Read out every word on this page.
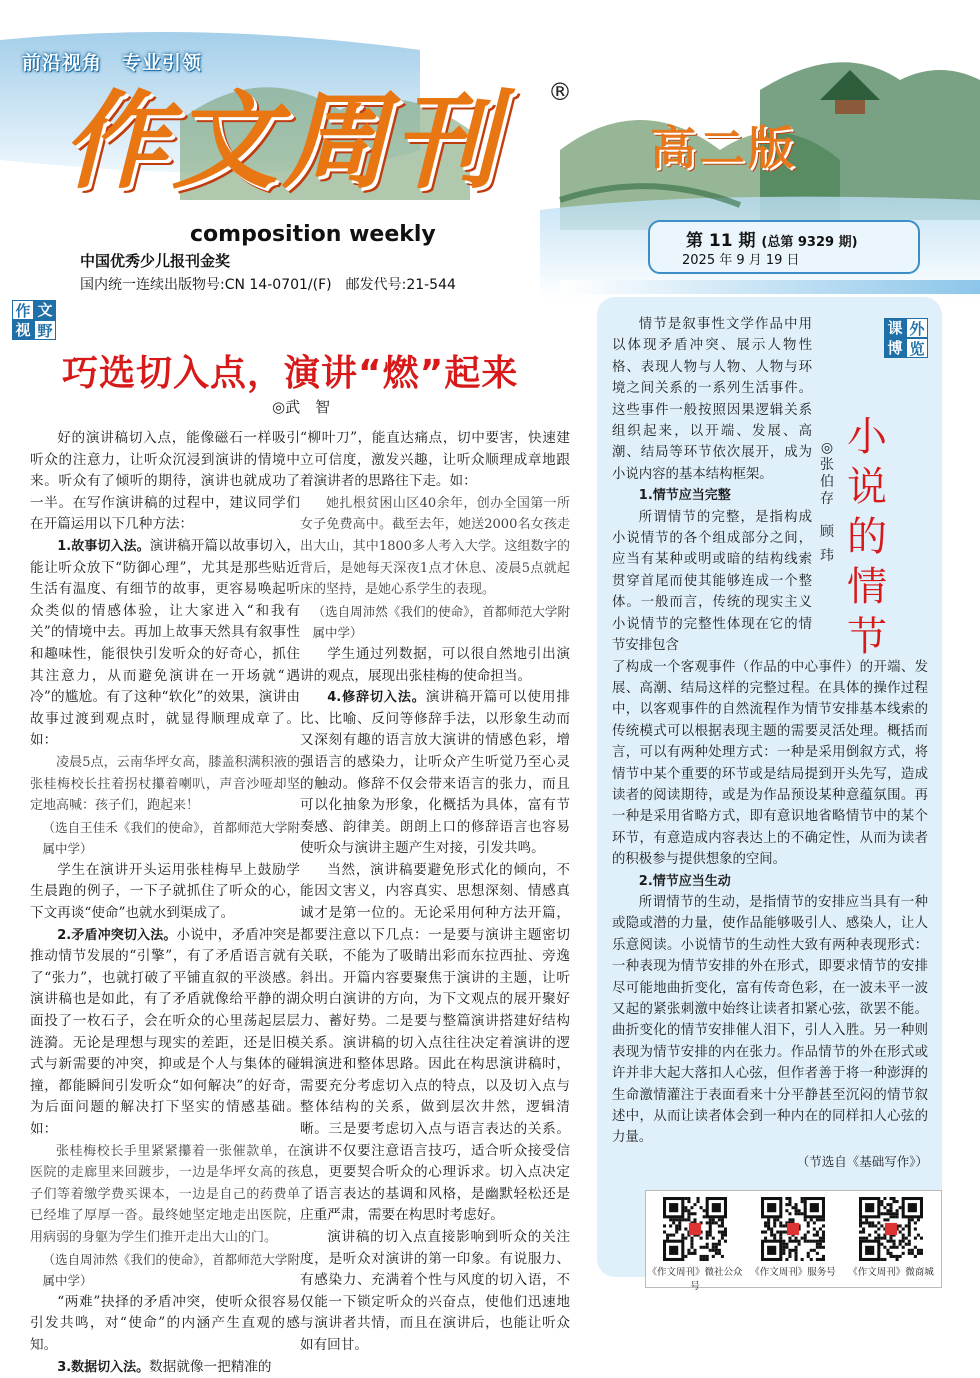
前沿视角　专业引领
作文周刊 ®
composition weekly
中国优秀少儿报刊金奖
国内统一连续出版物号:CN 14-0701/(F)　邮发代号:21-544
高二版
第 11 期 (总第 9329 期)
2025 年 9 月 19 日
作 文
视 野
巧选切入点，演讲“燃”起来
◎武　智

好的演讲稿切入点，能像磁石一样吸引听众的注意力，让听众沉浸到演讲的情境中来。听众有了倾听的期待，演讲也就成功了一半。在写作演讲稿的过程中，建议同学们在开篇运用以下几种方法：

1.故事切入法。演讲稿开篇以故事切入，能让听众放下“防御心理”，尤其是那些贴近生活有温度、有细节的故事，更容易唤起听众类似的情感体验，让大家进入“和我有关”的情境中去。再加上故事天然具有叙事性和趣味性，能很快引发听众的好奇心，抓住其注意力，从而避免演讲在一开场就“遇冷”的尴尬。有了这种“软化”的效果，演讲由故事过渡到观点时，就显得顺理成章了。如：

凌晨5点，云南华坪女高，膝盖积满积液的张桂梅校长拄着拐杖攥着喇叭，声音沙哑却坚定地高喊：孩子们，跑起来！

（选自王佳禾《我们的使命》，首都师范大学附属中学）

学生在演讲开头运用张桂梅早上鼓励学生晨跑的例子，一下子就抓住了听众的心，下文再谈“使命”也就水到渠成了。

2.矛盾冲突切入法。小说中，矛盾冲突是推动情节发展的“引擎”，有了矛盾语言就有了“张力”，也就打破了平铺直叙的平淡感。演讲稿也是如此，有了矛盾就像给平静的湖面投了一枚石子，会在听众的心里荡起层层涟漪。无论是理想与现实的差距，还是旧模式与新需要的冲突，抑或是个人与集体的碰撞，都能瞬间引发听众“如何解决”的好奇，为后面问题的解决打下坚实的情感基础。如：

张桂梅校长手里紧紧攥着一张催款单，在医院的走廊里来回踱步，一边是华坪女高的孩子们等着缴学费买课本，一边是自己的药费单已经堆了厚厚一沓。最终她坚定地走出医院，用病弱的身躯为学生们推开走出大山的门。

（选自周沛然《我们的使命》，首都师范大学附属中学）

“两难”抉择的矛盾冲突，使听众很容易引发共鸣，对“使命”的内涵产生直观的感知。

3.数据切入法。数据就像一把精准的

“柳叶刀”，能直达痛点，切中要害，快速建立可信度，激发兴趣，让听众顺理成章地跟着演讲者的思路往下走。如：

她扎根贫困山区40余年，创办全国第一所女子免费高中。截至去年，她送2000名女孩走出大山，其中1800多人考入大学。这组数字的背后，是她每天深夜1点才休息、凌晨5点就起床的坚持，是她心系学生的表现。

（选自周沛然《我们的使命》，首都师范大学附属中学）

学生通过列数据，可以很自然地引出演讲的观点，展现出张桂梅的使命担当。

4.修辞切入法。演讲稿开篇可以使用排比、比喻、反问等修辞手法，以形象生动而又深刻有趣的语言放大演讲的情感色彩，增强语言的感染力，让听众产生听觉乃至心灵的触动。修辞不仅会带来语言的张力，而且可以化抽象为形象，化概括为具体，富有节奏感、韵律美。朗朗上口的修辞语言也容易使听众与演讲主题产生对接，引发共鸣。

当然，演讲稿要避免形式化的倾向，不能因文害义，内容真实、思想深刻、情感真诚才是第一位的。无论采用何种方法开篇，都要注意以下几点：一是要与演讲主题密切关联，不能为了吸睛出彩而东拉西扯、旁逸斜出。开篇内容要聚焦于演讲的主题，让听众明白演讲的方向，为下文观点的展开聚好力、蓄好势。二是要与整篇演讲搭建好结构关系。演讲稿的切入点往往决定着演讲的逻辑演进和整体思路。因此在构思演讲稿时，需要充分考虑切入点的特点，以及切入点与整体结构的关系，做到层次井然，逻辑清晰。三是要考虑切入点与语言表达的关系。演讲不仅要注意语言技巧，适合听众接受信息，更要契合听众的心理诉求。切入点决定了语言表达的基调和风格，是幽默轻松还是庄重严肃，需要在构思时考虑好。

演讲稿的切入点直接影响到听众的关注度，是听众对演讲的第一印象。有说服力、有感染力、充满着个性与风度的切入语，不仅能一下锁定听众的兴奋点，使他们迅速地与演讲者共情，而且在演讲后，也能让听众如有回甘。

课 外
博 览
小
说
的
情
节
◎
张
伯
存
顾
玮

情节是叙事性文学作品中用以体现矛盾冲突、展示人物性格、表现人物与人物、人物与环境之间关系的一系列生活事件。这些事件一般按照因果逻辑关系组织起来，以开端、发展、高潮、结局等环节依次展开，成为小说内容的基本结构框架。

1.情节应当完整

所谓情节的完整，是指构成小说情节的各个组成部分之间，应当有某种或明或暗的结构线索贯穿首尾而使其能够连成一个整体。一般而言，传统的现实主义小说情节的完整性体现在它的情节安排包含

了构成一个客观事件（作品的中心事件）的开端、发展、高潮、结局这样的完整过程。在具体的操作过程中，以客观事件的自然流程作为情节安排基本线索的传统模式可以根据表现主题的需要灵活处理。概括而言，可以有两种处理方式：一种是采用倒叙方式，将情节中某个重要的环节或是结局提到开头先写，造成读者的阅读期待，或是为作品预设某种意蕴氛围。再一种是采用省略方式，即有意识地省略情节中的某个环节，有意造成内容表达上的不确定性，从而为读者的积极参与提供想象的空间。

2.情节应当生动

所谓情节的生动，是指情节的安排应当具有一种或隐或潜的力量，使作品能够吸引人、感染人，让人乐意阅读。小说情节的生动性大致有两种表现形式：一种表现为情节安排的外在形式，即要求情节的安排尽可能地曲折变化，富有传奇色彩，在一波未平一波又起的紧张刺激中始终让读者扣紧心弦，欲罢不能。曲折变化的情节安排催人泪下，引人入胜。另一种则表现为情节安排的内在张力。作品情节的外在形式或许并非大起大落扣人心弦，但作者善于将一种澎湃的生命激情灌注于表面看来十分平静甚至沉闷的情节叙述中，从而让读者体会到一种内在的同样扣人心弦的力量。

（节选自《基础写作》）

《作文周刊》微社公众号
《作文周刊》服务号	《作文周刊》微商城
